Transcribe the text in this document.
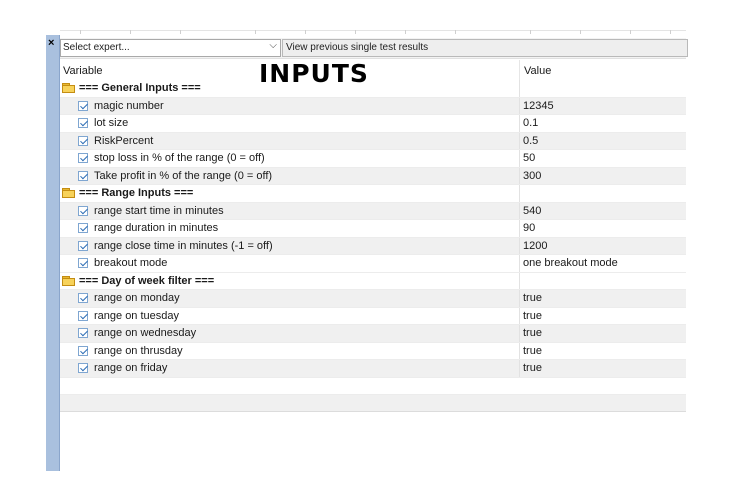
× Select expert...	⌵ View previous single test results
Variable	Value
=== General Inputs ===
magic number	12345
lot size	0.1
RiskPercent	0.5
stop loss in % of the range (0 = off)	50
Take profit in % of the range (0 = off)	300
=== Range Inputs ===
range start time in minutes	540
range duration in minutes	90
range close time in minutes (-1 = off)	1200
breakout mode	one breakout mode
=== Day of week filter ===
range on monday	true
range on tuesday	true
range on wednesday	true
range on thrusday	true
range on friday	true
INPUTS
